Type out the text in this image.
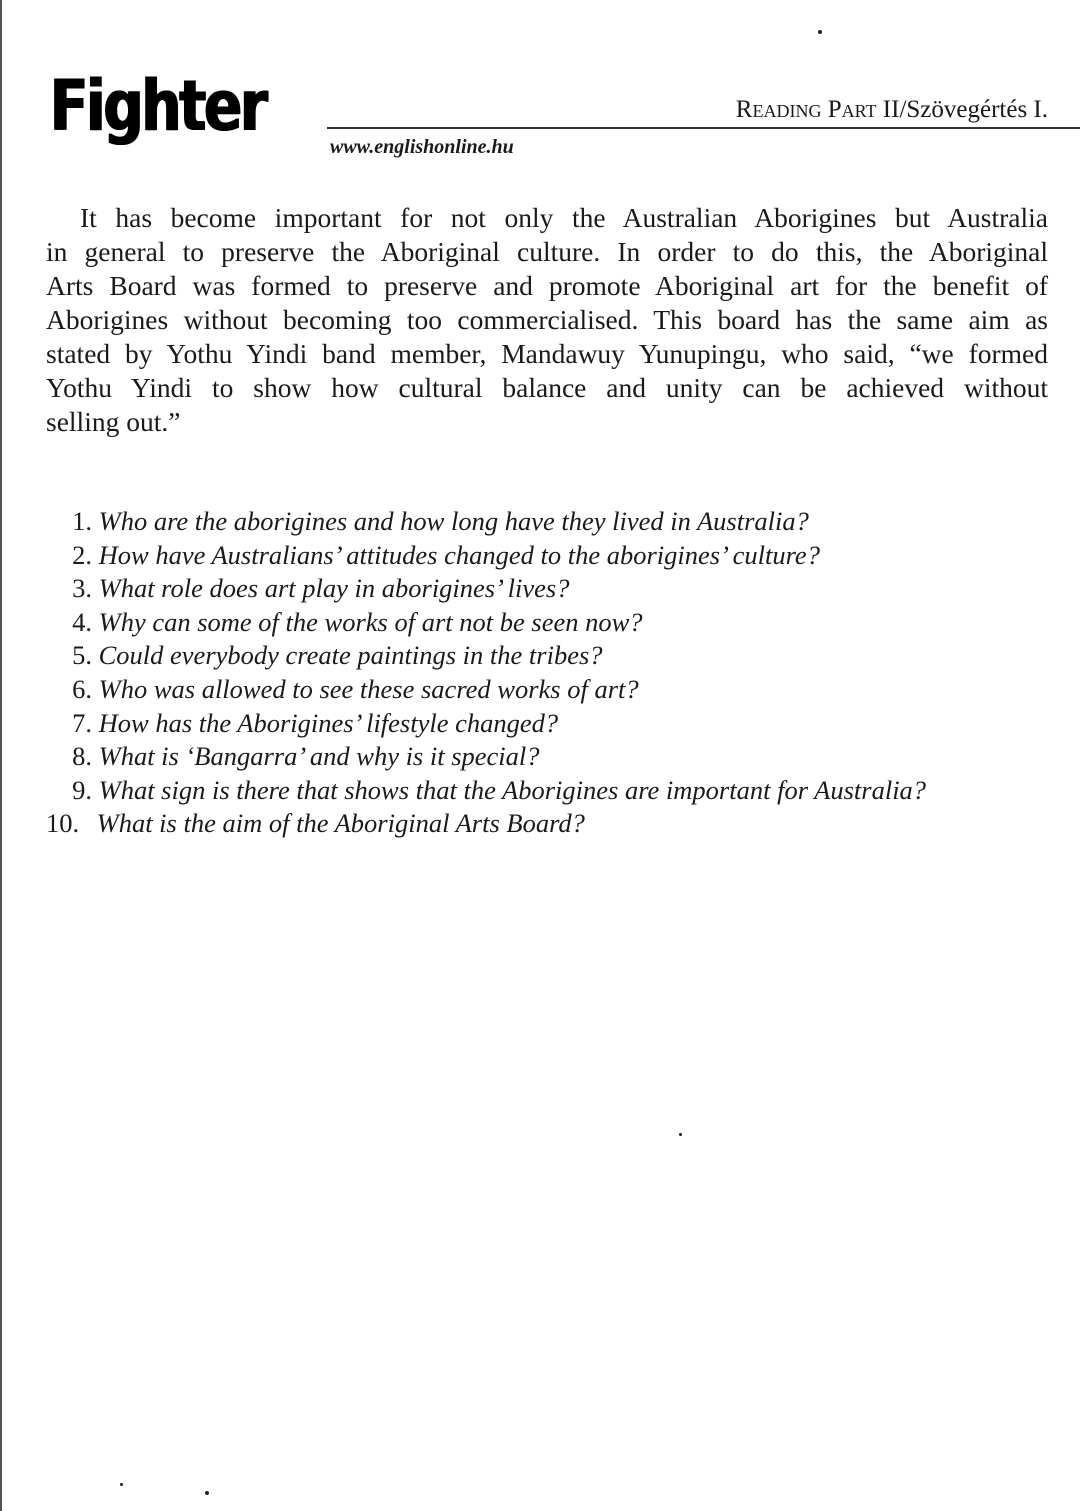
Fighter	Reading Part II/Szövegértés I.
www.englishonline.hu
It has become important for not only the Australian Aborigines but Australia
in general to preserve the Aboriginal culture. In order to do this, the Aboriginal
Arts Board was formed to preserve and promote Aboriginal art for the benefit of
Aborigines without becoming too commercialised. This board has the same aim as
stated by Yothu Yindi band member, Mandawuy Yunupingu, who said, “we formed
Yothu Yindi to show how cultural balance and unity can be achieved without
selling out.”
1.
Who are the aborigines and how long have they lived in Australia?
2.
How have Australians’ attitudes changed to the aborigines’ culture?
3.
What role does art play in aborigines’ lives?
4.
Why can some of the works of art not be seen now?
5.
Could everybody create paintings in the tribes?
6.
Who was allowed to see these sacred works of art?
7.
How has the Aborigines’ lifestyle changed?
8.
What is ‘Bangarra’ and why is it special?
9.
What sign is there that shows that the Aborigines are important for Australia?
10.
What is the aim of the Aboriginal Arts Board?
